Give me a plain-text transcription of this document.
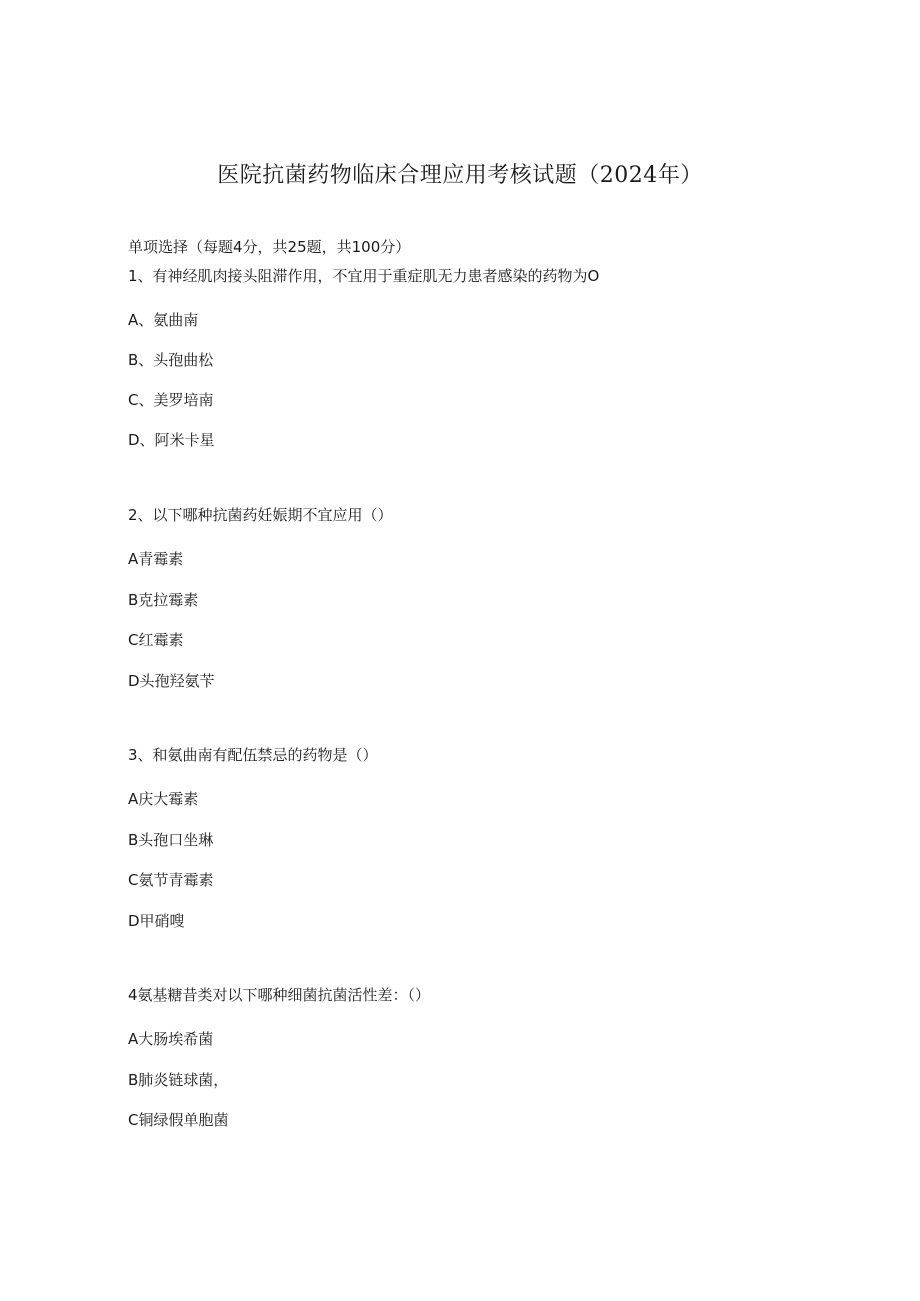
医院抗菌药物临床合理应用考核试题（2024年）
单项选择（每题4分，共25题，共100分）
1、有神经肌肉接头阻滞作用，不宜用于重症肌无力患者感染的药物为O
A、氨曲南
B、头孢曲松
C、美罗培南
D、阿米卡星
2、以下哪种抗菌药妊娠期不宜应用（）
A青霉素
B克拉霉素
C红霉素
D头孢羟氨苄
3、和氨曲南有配伍禁忌的药物是（）
A庆大霉素
B头孢口坐琳
C氨节青霉素
D甲硝嗖
4氨基糖昔类对以下哪种细菌抗菌活性差：（）
A大肠埃希菌
B肺炎链球菌，
C铜绿假单胞菌
